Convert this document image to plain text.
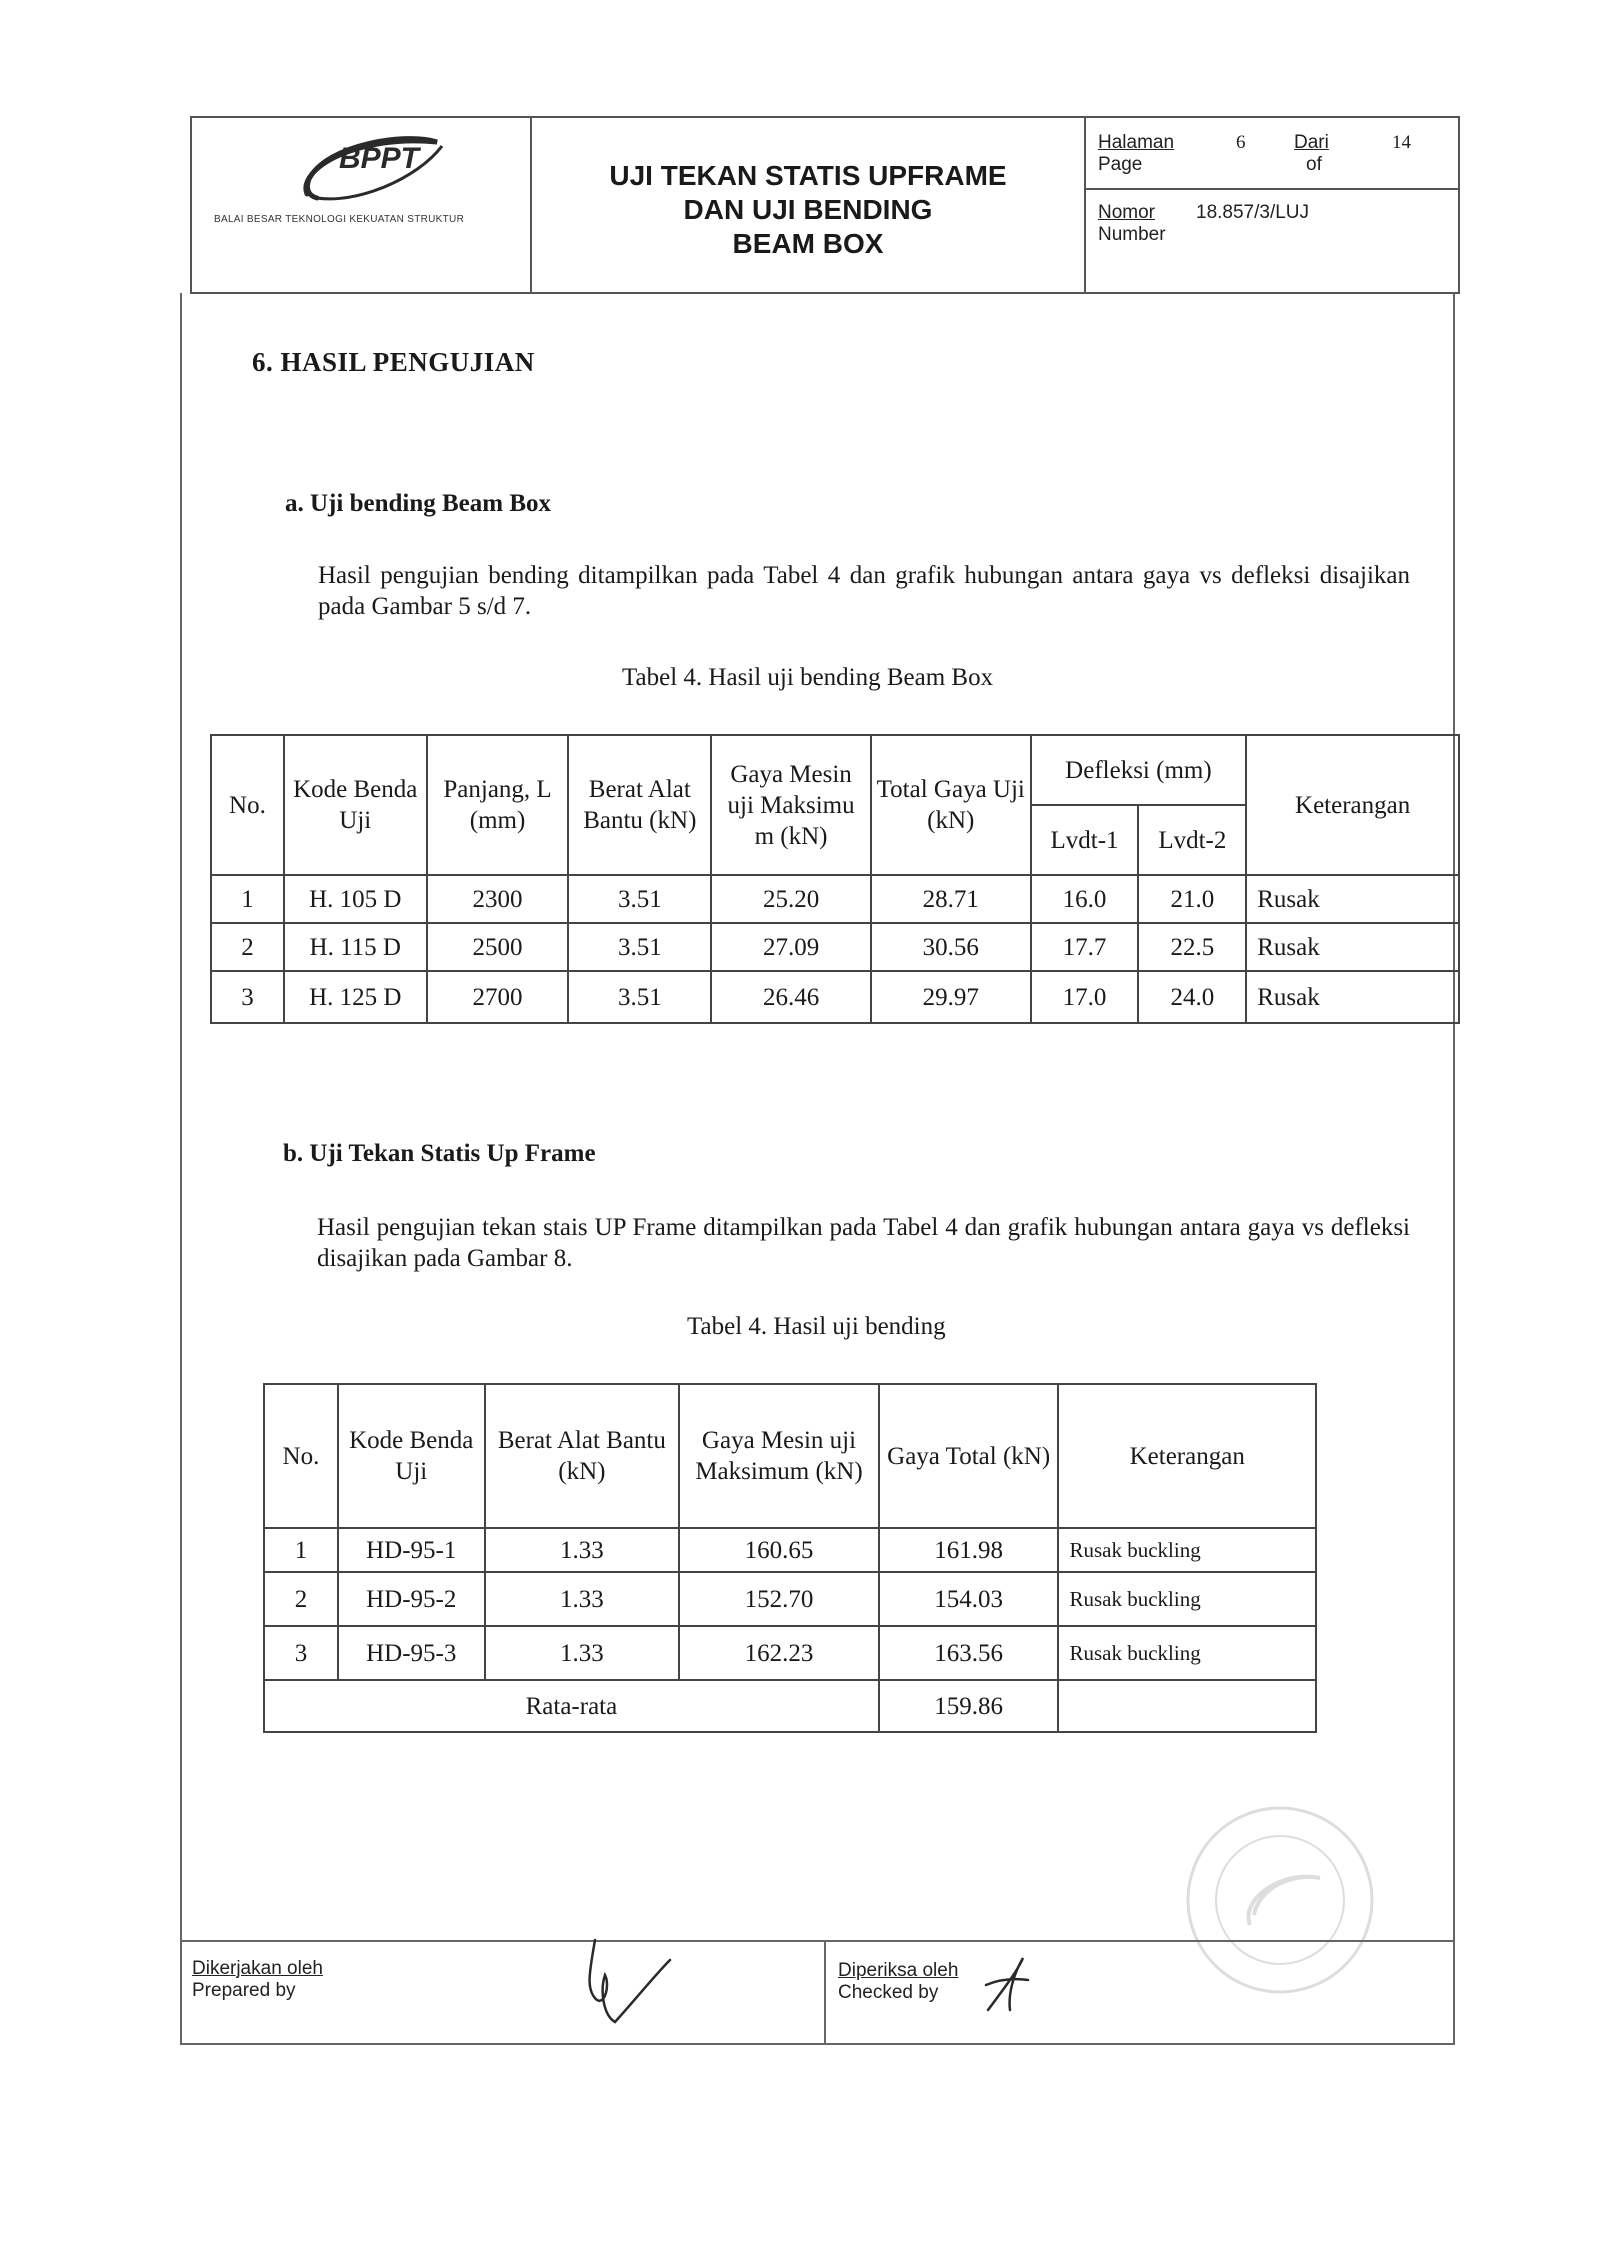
BPPT
BALAI BESAR TEKNOLOGI KEKUATAN STRUKTUR
UJI TEKAN STATIS UPFRAME
DAN UJI BENDING
BEAM BOX
Halaman
Page
6	Dari
of
14
Nomor
Number
18.857/3/LUJ
6. HASIL PENGUJIAN
a. Uji bending Beam Box
Hasil pengujian bending ditampilkan pada Tabel 4 dan grafik hubungan antara gaya vs defleksi disajikan pada Gambar 5 s/d 7.
Tabel 4. Hasil uji bending Beam Box
No.	Kode Benda Uji	Panjang, L (mm)	Berat Alat Bantu (kN)	Gaya Mesin uji Maksimu m (kN)	Total Gaya Uji (kN)	Defleksi (mm)		Keterangan
						Lvdt-1	Lvdt-2	
1	H. 105 D	2300	3.51	25.20	28.71	16.0	21.0	Rusak
2	H. 115 D	2500	3.51	27.09	30.56	17.7	22.5	Rusak
3	H. 125 D	2700	3.51	26.46	29.97	17.0	24.0	Rusak
b. Uji Tekan Statis Up Frame
Hasil pengujian tekan stais UP Frame ditampilkan pada Tabel 4 dan grafik hubungan antara gaya vs defleksi disajikan pada Gambar 8.
Tabel 4. Hasil uji bending
No.	Kode Benda Uji	Berat Alat Bantu (kN)	Gaya Mesin uji Maksimum (kN)	Gaya Total (kN)	Keterangan
1	HD-95-1	1.33	160.65	161.98	Rusak buckling
2	HD-95-2	1.33	152.70	154.03	Rusak buckling
3	HD-95-3	1.33	162.23	163.56	Rusak buckling
Rata-rata				159.86	
Dikerjakan oleh
Prepared by
Diperiksa oleh
Checked by
